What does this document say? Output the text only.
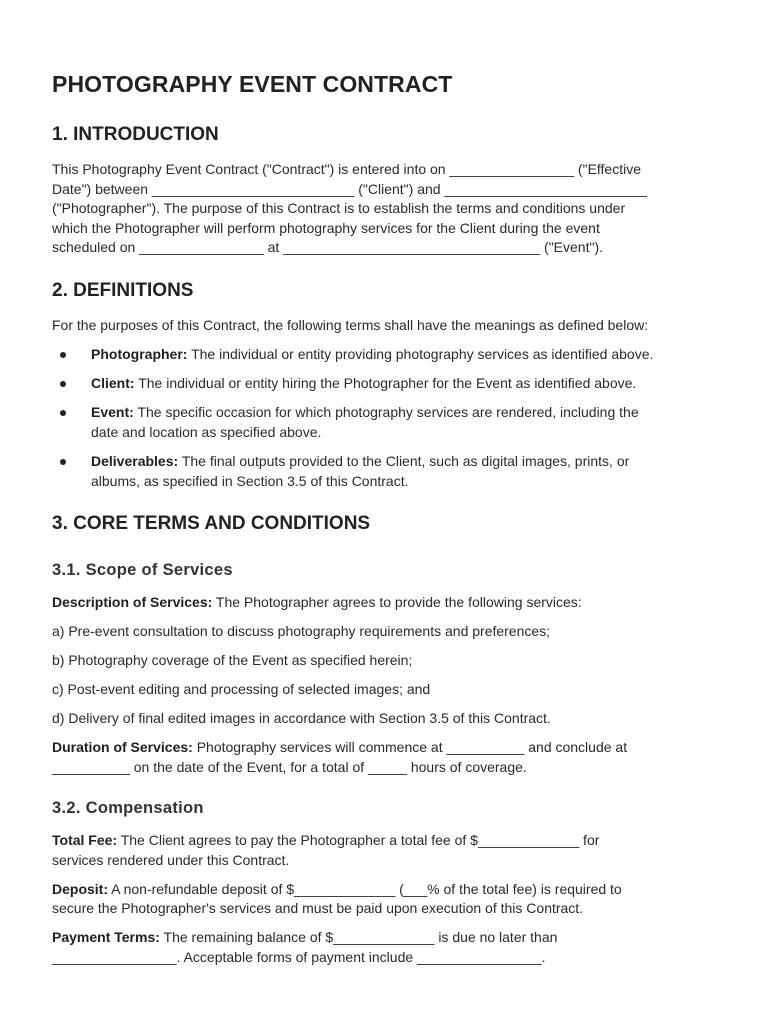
PHOTOGRAPHY EVENT CONTRACT
1. INTRODUCTION

This Photography Event Contract ("Contract") is entered into on ________________ ("Effective

Date") between __________________________ ("Client") and __________________________

("Photographer"). The purpose of this Contract is to establish the terms and conditions under

which the Photographer will perform photography services for the Client during the event

scheduled on ________________ at _________________________________ ("Event").

2. DEFINITIONS

For the purposes of this Contract, the following terms shall have the meanings as defined below:

Photographer: The individual or entity providing photography services as identified above.

Client: The individual or entity hiring the Photographer for the Event as identified above.

Event: The specific occasion for which photography services are rendered, including the

date and location as specified above.

Deliverables: The final outputs provided to the Client, such as digital images, prints, or

albums, as specified in Section 3.5 of this Contract.

3. CORE TERMS AND CONDITIONS
3.1. Scope of Services

Description of Services: The Photographer agrees to provide the following services:

a) Pre-event consultation to discuss photography requirements and preferences;

b) Photography coverage of the Event as specified herein;

c) Post-event editing and processing of selected images; and

d) Delivery of final edited images in accordance with Section 3.5 of this Contract.

Duration of Services: Photography services will commence at __________ and conclude at

__________ on the date of the Event, for a total of _____ hours of coverage.

3.2. Compensation

Total Fee: The Client agrees to pay the Photographer a total fee of $_____________ for

services rendered under this Contract.

Deposit: A non-refundable deposit of $_____________ (___% of the total fee) is required to

secure the Photographer's services and must be paid upon execution of this Contract.

Payment Terms: The remaining balance of $_____________ is due no later than

________________. Acceptable forms of payment include ________________.
